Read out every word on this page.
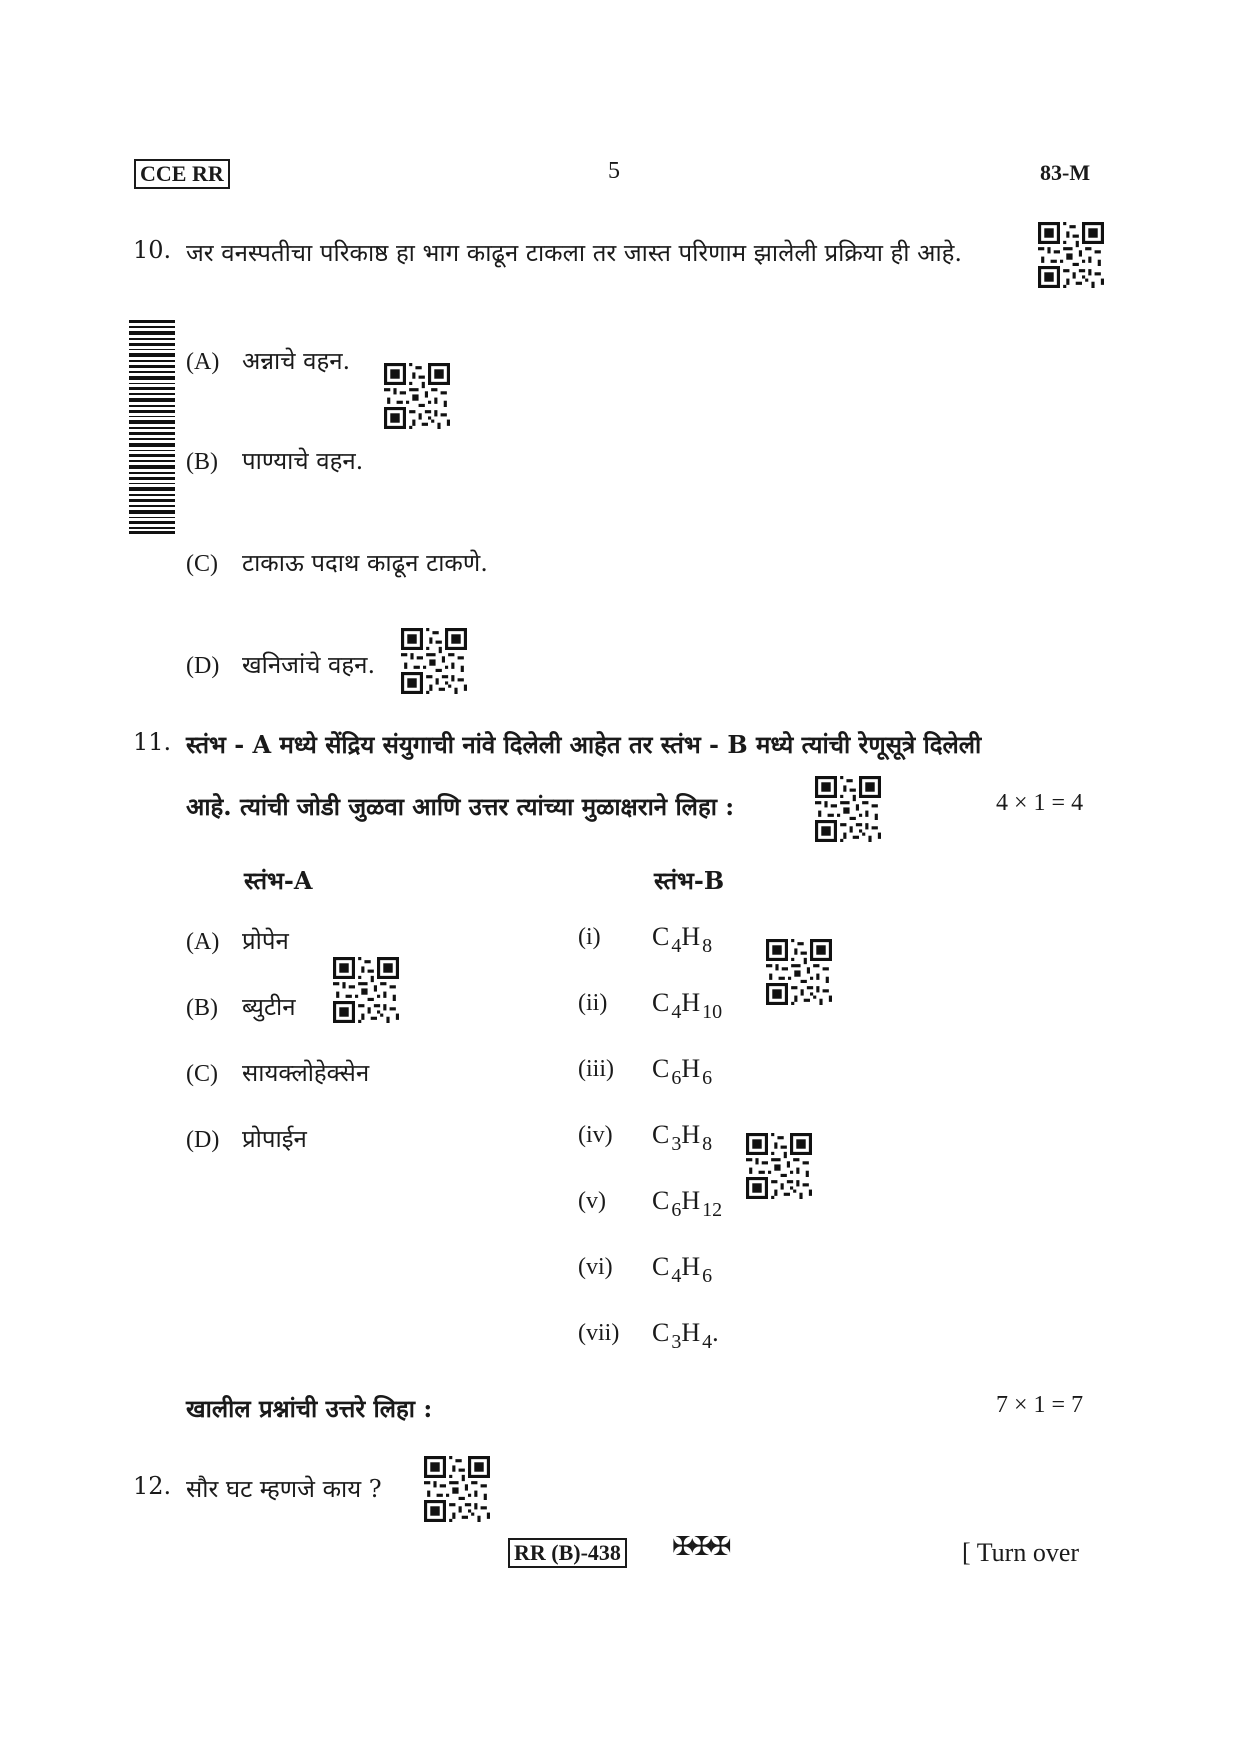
CCE RR	5	83-M
10. जर वनस्पतीचा परिकाष्ठ हा भाग काढून टाकला तर जास्त परिणाम झालेली प्रक्रिया ही आहे.
(A) अन्नाचे वहन.
(B) पाण्याचे वहन.
(C) टाकाऊ पदाथ काढून टाकणे.
(D) खनिजांचे वहन.
11. स्तंभ - A मध्ये सेंद्रिय संयुगाची नांवे दिलेली आहेत तर स्तंभ - B मध्ये त्यांची रेणूसूत्रे दिलेली
आहे. त्यांची जोडी जुळवा आणि उत्तर त्यांच्या मुळाक्षराने लिहा :	4 × 1 = 4
स्तंभ-A	स्तंभ-B
(A) प्रोपेन
(B) ब्युटीन
(C) सायक्लोहेक्सेन
(D) प्रोपाईन
(i) $C_4H_8$
(ii) $C_4H_{10}$
(iii) $C_6H_6$
(iv) $C_3H_8$
(v) $C_6H_{12}$
(vi) $C_4H_6$
(vii) $C_3H_4$.
खालील प्रश्नांची उत्तरे लिहा :	7 × 1 = 7
12. सौर घट म्हणजे काय ?
RR (B)-438 ✠✠✠	[ Turn over
